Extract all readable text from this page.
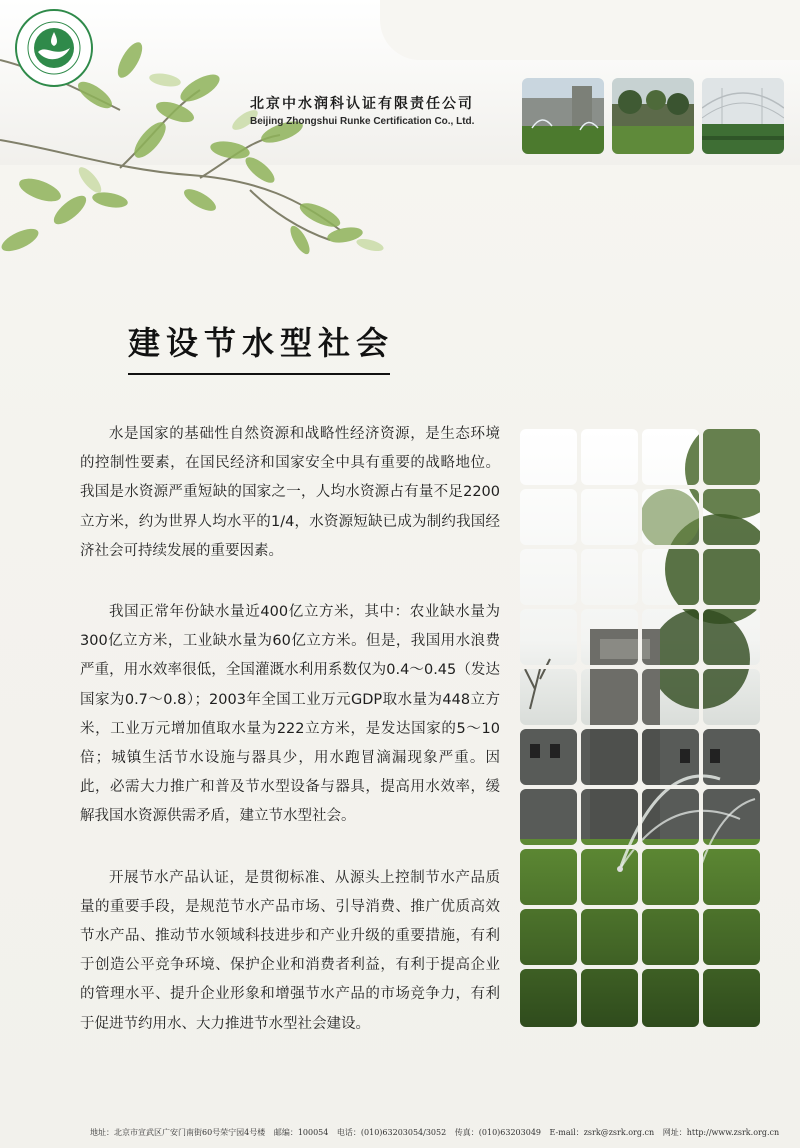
北京中水润科认证有限责任公司
Beijing Zhongshui Runke Certification Co., Ltd.
建设节水型社会

水是国家的基础性自然资源和战略性经济资源，是生态环境的控制性要素，在国民经济和国家安全中具有重要的战略地位。我国是水资源严重短缺的国家之一，人均水资源占有量不足2200立方米，约为世界人均水平的1/4，水资源短缺已成为制约我国经济社会可持续发展的重要因素。

我国正常年份缺水量近400亿立方米，其中：农业缺水量为300亿立方米，工业缺水量为60亿立方米。但是，我国用水浪费严重，用水效率很低，全国灌溉水利用系数仅为0.4～0.45（发达国家为0.7～0.8）；2003年全国工业万元GDP取水量为448立方米，工业万元增加值取水量为222立方米，是发达国家的5～10倍；城镇生活节水设施与器具少，用水跑冒滴漏现象严重。因此，必需大力推广和普及节水型设备与器具，提高用水效率，缓解我国水资源供需矛盾，建立节水型社会。

开展节水产品认证，是贯彻标准、从源头上控制节水产品质量的重要手段，是规范节水产品市场、引导消费、推广优质高效节水产品、推动节水领域科技进步和产业升级的重要措施，有利于创造公平竞争环境、保护企业和消费者利益，有利于提高企业的管理水平、提升企业形象和增强节水产品的市场竞争力，有利于促进节约用水、大力推进节水型社会建设。

地址：北京市宣武区广安门南街60号荣宁园4号楼 邮编：100054 电话：(010)63203054/3052 传真：(010)63203049 E-mail：zsrk@zsrk.org.cn 网址：http://www.zsrk.org.cn
